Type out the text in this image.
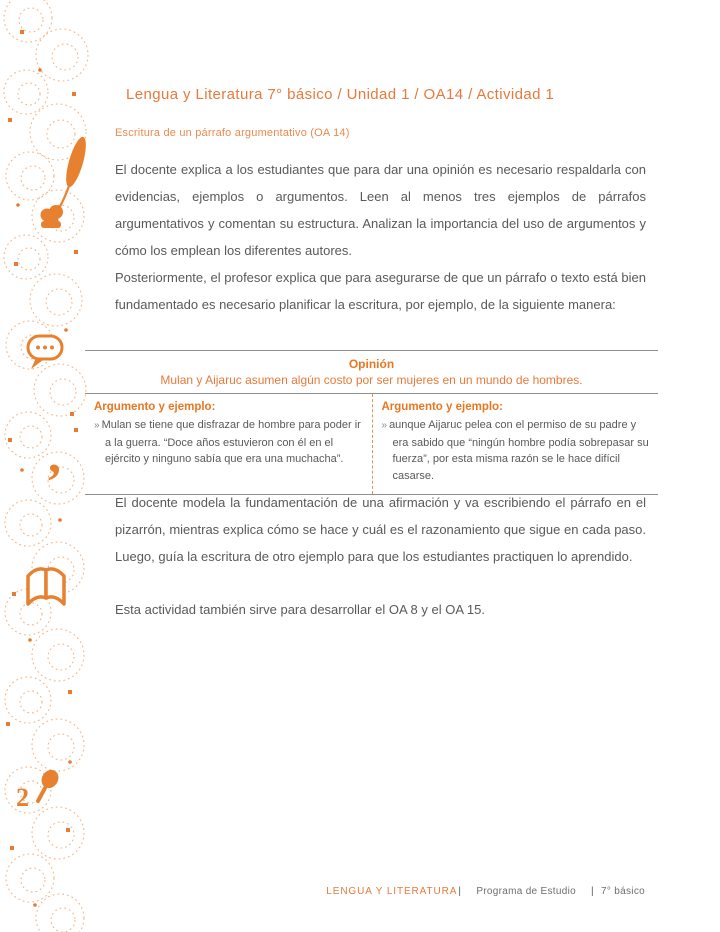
,
2
Lengua y Literatura 7° básico / Unidad 1 / OA14 / Actividad 1
Escritura de un párrafo argumentativo (OA 14)

El docente explica a los estudiantes que para dar una opinión es necesario respaldarla con evidencias, ejemplos o argumentos. Leen al menos tres ejemplos de párrafos argumentativos y comentan su estructura. Analizan la importancia del uso de argumentos y cómo los emplean los diferentes autores.

Posteriormente, el profesor explica que para asegurarse de que un párrafo o texto está bien fundamentado es necesario planificar la escritura, por ejemplo, de la siguiente manera:

Opinión
Mulan y Aijaruc asumen algún costo por ser mujeres en un mundo de hombres.
Argumento y ejemplo:
» Mulan se tiene que disfrazar de hombre para poder ir a la guerra. “Doce años estuvieron con él en el ejército y ninguno sabía que era una muchacha”.
Argumento y ejemplo:
» aunque Aijaruc pelea con el permiso de su padre y era sabido que “ningún hombre podía sobrepasar su fuerza”, por esta misma razón se le hace difícil casarse.

El docente modela la fundamentación de una afirmación y va escribiendo el párrafo en el pizarrón, mientras explica cómo se hace y cuál es el razonamiento que sigue en cada paso. Luego, guía la escritura de otro ejemplo para que los estudiantes practiquen lo aprendido.

Esta actividad también sirve para desarrollar el OA 8 y el OA 15.

LENGUA Y LITERATURA| Programa de Estudio | 7° básico
